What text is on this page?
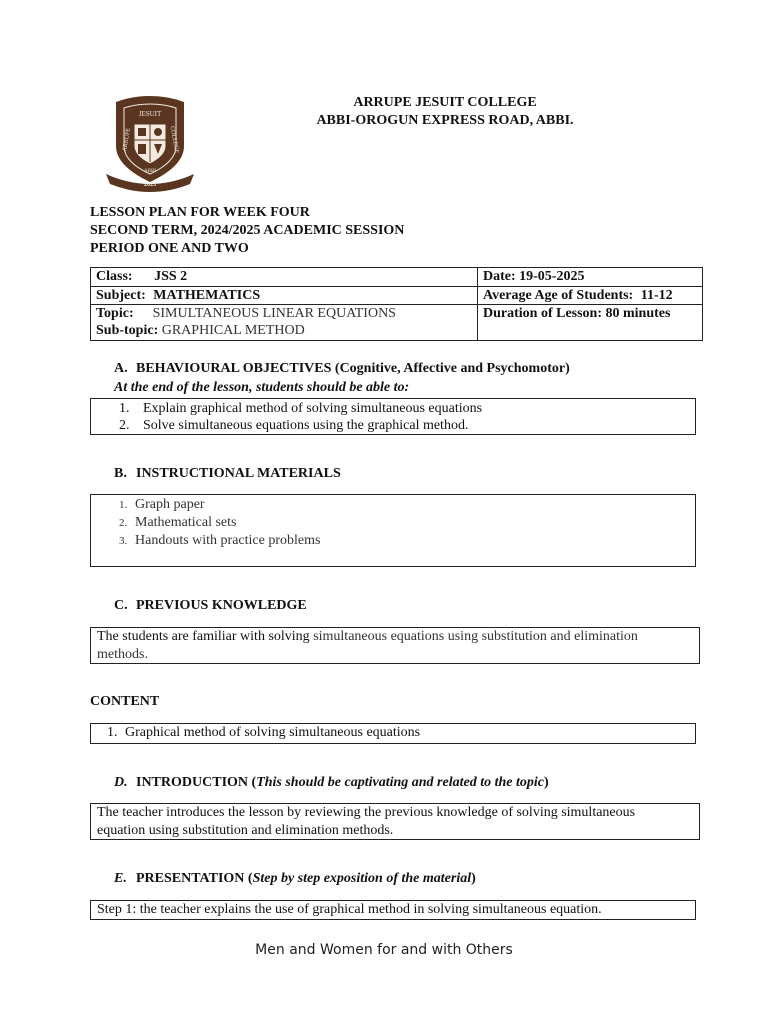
JESUIT
ARRUPE	COLLEGE
ABBI
2023
ARRUPE JESUIT COLLEGE
ABBI-OROGUN EXPRESS ROAD, ABBI.
LESSON PLAN FOR WEEK FOUR
SECOND TERM, 2024/2025 ACADEMIC SESSION
PERIOD ONE AND TWO
Class: JSS 2	Date: 19-05-2025
Subject: MATHEMATICS	Average Age of Students: 11-12

Topic: SIMULTANEOUS LINEAR EQUATIONS
Sub-topic: GRAPHICAL METHOD	Duration of Lesson: 80 minutes
A. BEHAVIOURAL OBJECTIVES (Cognitive, Affective and Psychomotor)
At the end of the lesson, students should be able to:
1. Explain graphical method of solving simultaneous equations
2. Solve simultaneous equations using the graphical method.
B. INSTRUCTIONAL MATERIALS
1. Graph paper
2. Mathematical sets
3. Handouts with practice problems
C. PREVIOUS KNOWLEDGE
The students are familiar with solving simultaneous equations using substitution and elimination
methods.
CONTENT
1. Graphical method of solving simultaneous equations
D. INTRODUCTION (This should be captivating and related to the topic)
The teacher introduces the lesson by reviewing the previous knowledge of solving simultaneous
equation using substitution and elimination methods.
E. PRESENTATION (Step by step exposition of the material)
Step 1: the teacher explains the use of graphical method in solving simultaneous equation.
Men and Women for and with Others
